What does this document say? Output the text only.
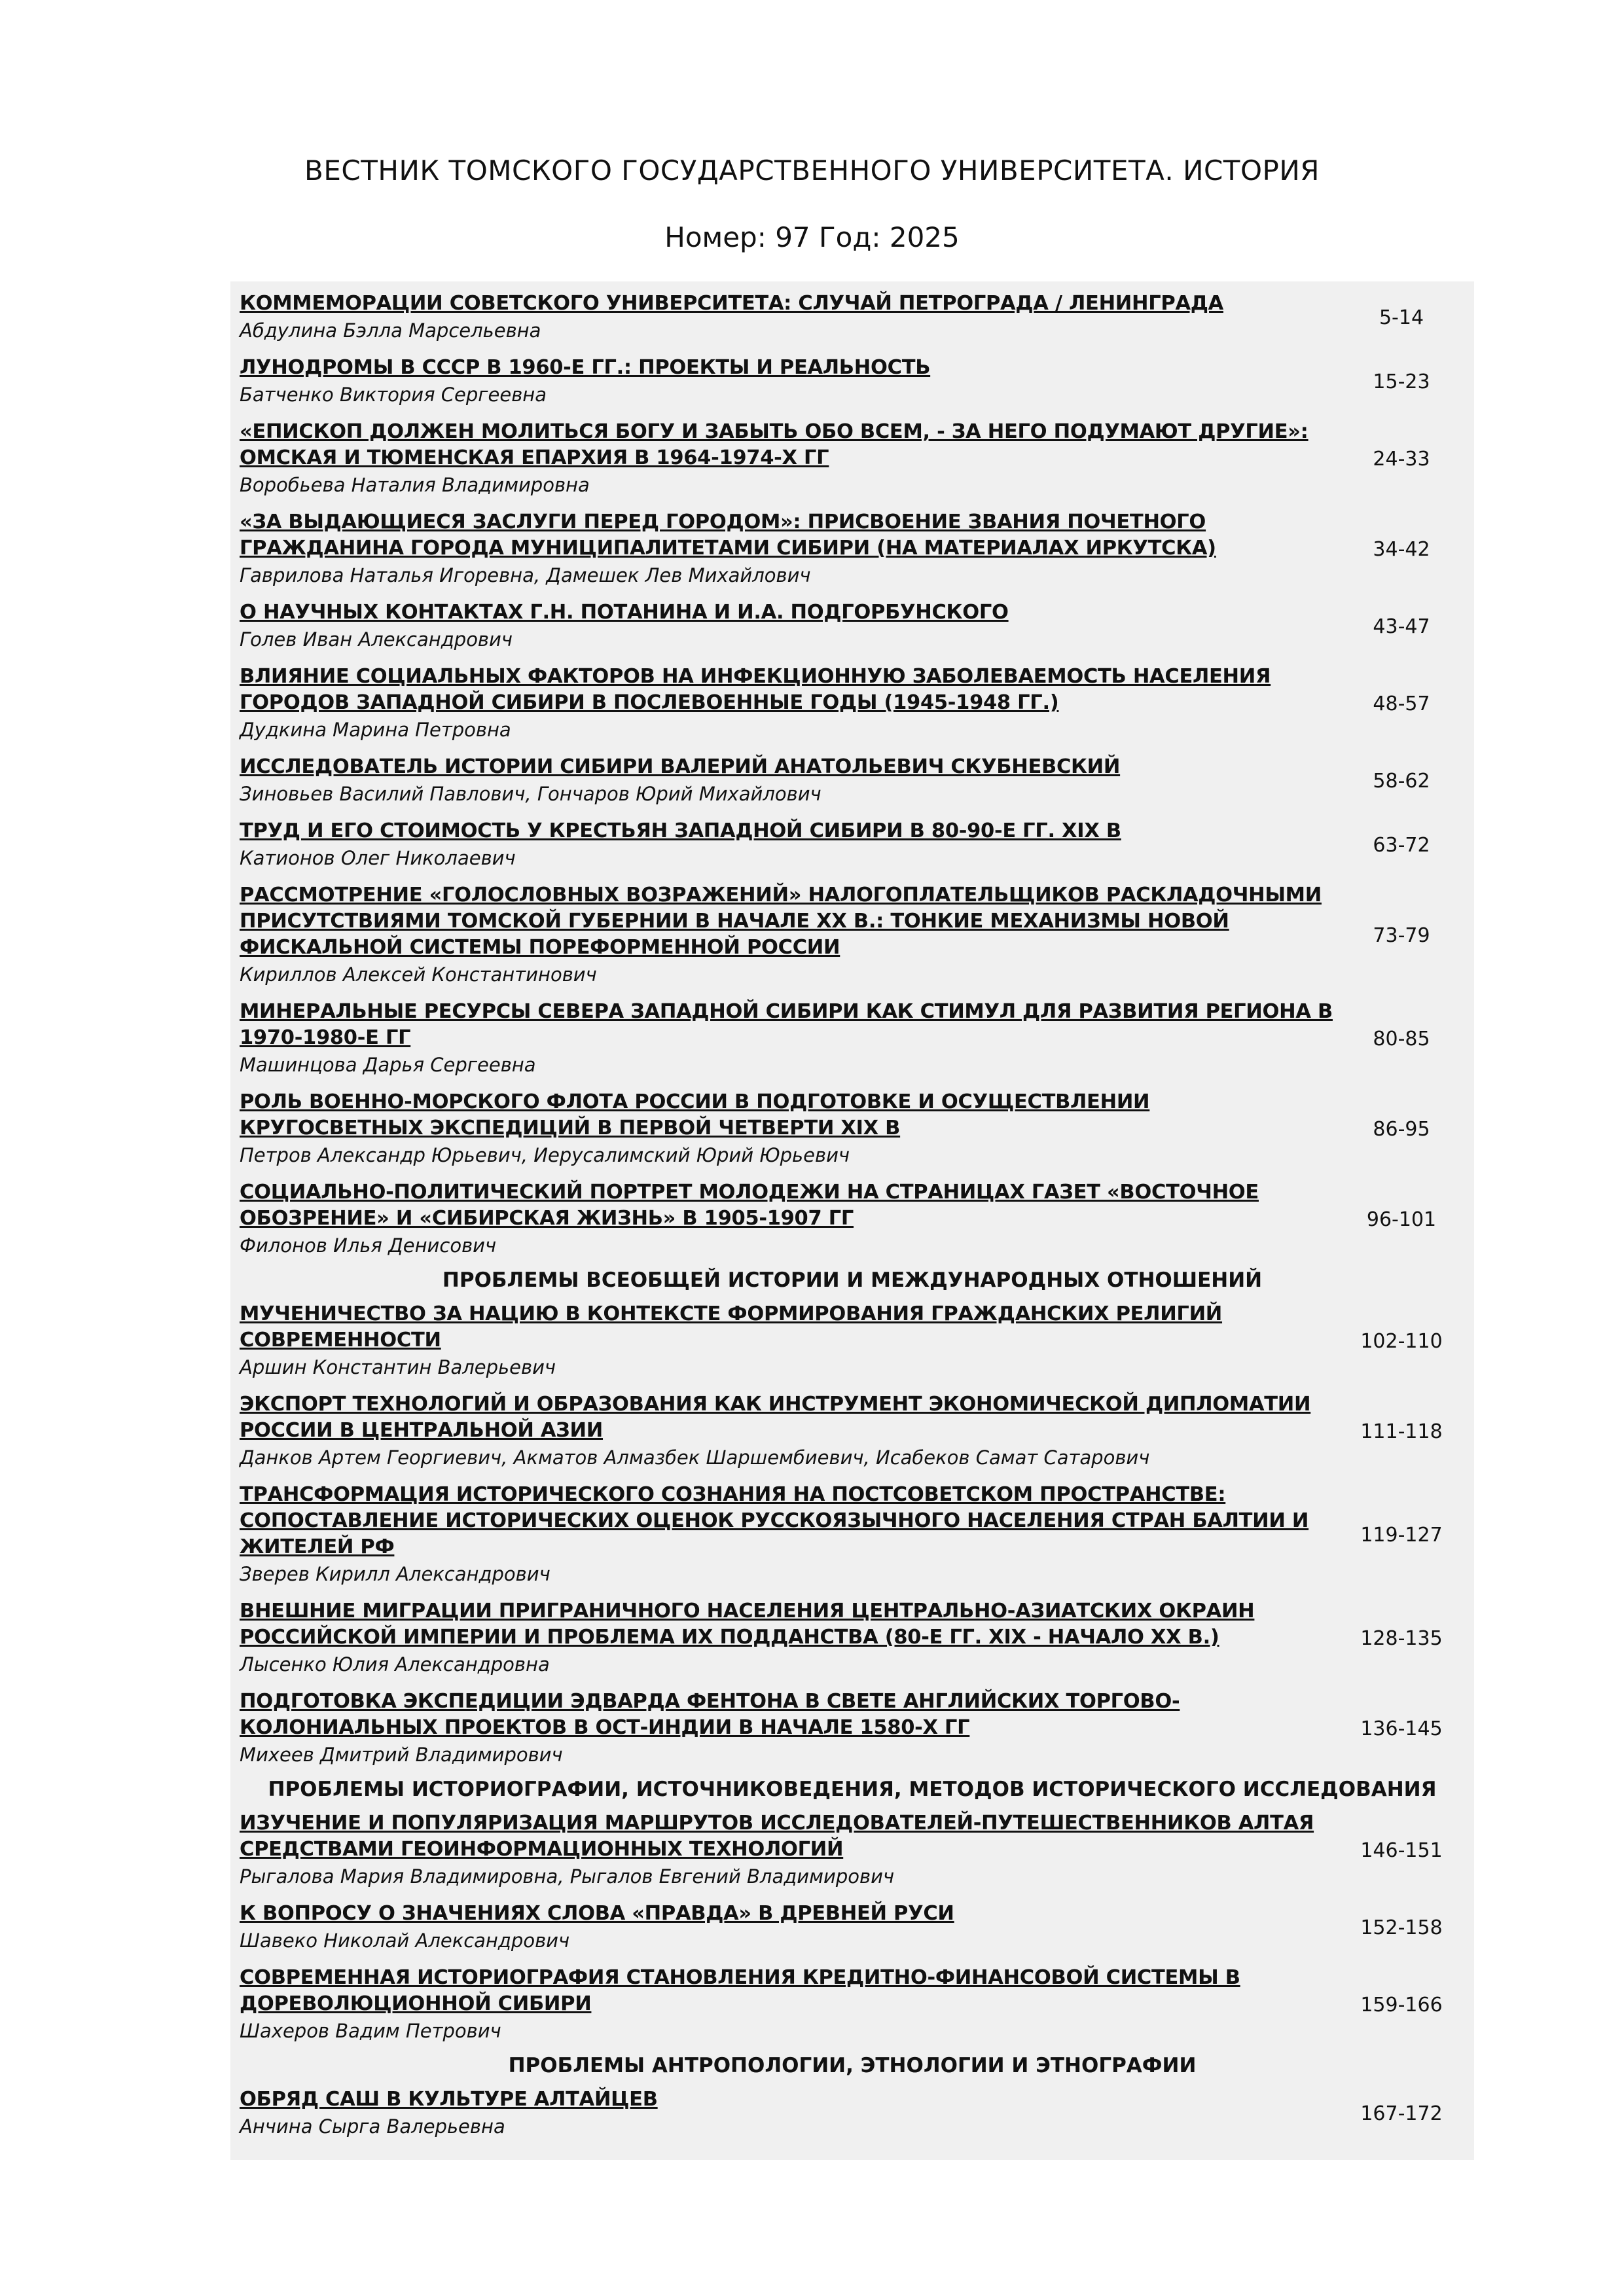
ВЕСТНИК ТОМСКОГО ГОСУДАРСТВЕННОГО УНИВЕРСИТЕТА. ИСТОРИЯ
Номер: 97 Год: 2025
КОММЕМОРАЦИИ СОВЕТСКОГО УНИВЕРСИТЕТА: СЛУЧАЙ ПЕТРОГРАДА / ЛЕНИНГРАДА
Абдулина Бэлла Марсельевна
5-14
ЛУНОДРОМЫ В СССР В 1960-Е ГГ.: ПРОЕКТЫ И РЕАЛЬНОСТЬ
Батченко Виктория Сергеевна
15-23
«ЕПИСКОП ДОЛЖЕН МОЛИТЬСЯ БОГУ И ЗАБЫТЬ ОБО ВСЕМ, - ЗА НЕГО ПОДУМАЮТ ДРУГИЕ»: ОМСКАЯ И ТЮМЕНСКАЯ ЕПАРХИЯ В 1964-1974-Х ГГ
Воробьева Наталия Владимировна
24-33
«ЗА ВЫДАЮЩИЕСЯ ЗАСЛУГИ ПЕРЕД ГОРОДОМ»: ПРИСВОЕНИЕ ЗВАНИЯ ПОЧЕТНОГО ГРАЖДАНИНА ГОРОДА МУНИЦИПАЛИТЕТАМИ СИБИРИ (НА МАТЕРИАЛАХ ИРКУТСКА)
Гаврилова Наталья Игоревна, Дамешек Лев Михайлович
34-42
О НАУЧНЫХ КОНТАКТАХ Г.Н. ПОТАНИНА И И.А. ПОДГОРБУНСКОГО
Голев Иван Александрович
43-47
ВЛИЯНИЕ СОЦИАЛЬНЫХ ФАКТОРОВ НА ИНФЕКЦИОННУЮ ЗАБОЛЕВАЕМОСТЬ НАСЕЛЕНИЯ ГОРОДОВ ЗАПАДНОЙ СИБИРИ В ПОСЛЕВОЕННЫЕ ГОДЫ (1945-1948 ГГ.)
Дудкина Марина Петровна
48-57
ИССЛЕДОВАТЕЛЬ ИСТОРИИ СИБИРИ ВАЛЕРИЙ АНАТОЛЬЕВИЧ СКУБНЕВСКИЙ
Зиновьев Василий Павлович, Гончаров Юрий Михайлович
58-62
ТРУД И ЕГО СТОИМОСТЬ У КРЕСТЬЯН ЗАПАДНОЙ СИБИРИ В 80-90-Е ГГ. XIX В
Катионов Олег Николаевич
63-72
РАССМОТРЕНИЕ «ГОЛОСЛОВНЫХ ВОЗРАЖЕНИЙ» НАЛОГОПЛАТЕЛЬЩИКОВ РАСКЛАДОЧНЫМИ ПРИСУТСТВИЯМИ ТОМСКОЙ ГУБЕРНИИ В НАЧАЛЕ XX В.: ТОНКИЕ МЕХАНИЗМЫ НОВОЙ ФИСКАЛЬНОЙ СИСТЕМЫ ПОРЕФОРМЕННОЙ РОССИИ
Кириллов Алексей Константинович
73-79
МИНЕРАЛЬНЫЕ РЕСУРСЫ СЕВЕРА ЗАПАДНОЙ СИБИРИ КАК СТИМУЛ ДЛЯ РАЗВИТИЯ РЕГИОНА В 1970-1980-Е ГГ
Машинцова Дарья Сергеевна
80-85
РОЛЬ ВОЕННО-МОРСКОГО ФЛОТА РОССИИ В ПОДГОТОВКЕ И ОСУЩЕСТВЛЕНИИ КРУГОСВЕТНЫХ ЭКСПЕДИЦИЙ В ПЕРВОЙ ЧЕТВЕРТИ XIX В
Петров Александр Юрьевич, Иерусалимский Юрий Юрьевич
86-95
СОЦИАЛЬНО-ПОЛИТИЧЕСКИЙ ПОРТРЕТ МОЛОДЕЖИ НА СТРАНИЦАХ ГАЗЕТ «ВОСТОЧНОЕ ОБОЗРЕНИЕ» И «СИБИРСКАЯ ЖИЗНЬ» В 1905-1907 ГГ
Филонов Илья Денисович
96-101
ПРОБЛЕМЫ ВСЕОБЩЕЙ ИСТОРИИ И МЕЖДУНАРОДНЫХ ОТНОШЕНИЙ
МУЧЕНИЧЕСТВО ЗА НАЦИЮ В КОНТЕКСТЕ ФОРМИРОВАНИЯ ГРАЖДАНСКИХ РЕЛИГИЙ СОВРЕМЕННОСТИ
Аршин Константин Валерьевич
102-110
ЭКСПОРТ ТЕХНОЛОГИЙ И ОБРАЗОВАНИЯ КАК ИНСТРУМЕНТ ЭКОНОМИЧЕСКОЙ ДИПЛОМАТИИ РОССИИ В ЦЕНТРАЛЬНОЙ АЗИИ
Данков Артем Георгиевич, Акматов Алмазбек Шаршембиевич, Исабеков Самат Сатарович
111-118
ТРАНСФОРМАЦИЯ ИСТОРИЧЕСКОГО СОЗНАНИЯ НА ПОСТСОВЕТСКОМ ПРОСТРАНСТВЕ: СОПОСТАВЛЕНИЕ ИСТОРИЧЕСКИХ ОЦЕНОК РУССКОЯЗЫЧНОГО НАСЕЛЕНИЯ СТРАН БАЛТИИ И ЖИТЕЛЕЙ РФ
Зверев Кирилл Александрович
119-127
ВНЕШНИЕ МИГРАЦИИ ПРИГРАНИЧНОГО НАСЕЛЕНИЯ ЦЕНТРАЛЬНО-АЗИАТСКИХ ОКРАИН РОССИЙСКОЙ ИМПЕРИИ И ПРОБЛЕМА ИХ ПОДДАНСТВА (80-Е ГГ. XIX - НАЧАЛО XX В.)
Лысенко Юлия Александровна
128-135
ПОДГОТОВКА ЭКСПЕДИЦИИ ЭДВАРДА ФЕНТОНА В СВЕТЕ АНГЛИЙСКИХ ТОРГОВО-КОЛОНИАЛЬНЫХ ПРОЕКТОВ В ОСТ-ИНДИИ В НАЧАЛЕ 1580-Х ГГ
Михеев Дмитрий Владимирович
136-145
ПРОБЛЕМЫ ИСТОРИОГРАФИИ, ИСТОЧНИКОВЕДЕНИЯ, МЕТОДОВ ИСТОРИЧЕСКОГО ИССЛЕДОВАНИЯ
ИЗУЧЕНИЕ И ПОПУЛЯРИЗАЦИЯ МАРШРУТОВ ИССЛЕДОВАТЕЛЕЙ-ПУТЕШЕСТВЕННИКОВ АЛТАЯ СРЕДСТВАМИ ГЕОИНФОРМАЦИОННЫХ ТЕХНОЛОГИЙ
Рыгалова Мария Владимировна, Рыгалов Евгений Владимирович
146-151
К ВОПРОСУ О ЗНАЧЕНИЯХ СЛОВА «ПРАВДА» В ДРЕВНЕЙ РУСИ
Шавеко Николай Александрович
152-158
СОВРЕМЕННАЯ ИСТОРИОГРАФИЯ СТАНОВЛЕНИЯ КРЕДИТНО-ФИНАНСОВОЙ СИСТЕМЫ В ДОРЕВОЛЮЦИОННОЙ СИБИРИ
Шахеров Вадим Петрович
159-166
ПРОБЛЕМЫ АНТРОПОЛОГИИ, ЭТНОЛОГИИ И ЭТНОГРАФИИ
ОБРЯД CАШ В КУЛЬТУРЕ АЛТАЙЦЕВ
Анчина Сырга Валерьевна
167-172
